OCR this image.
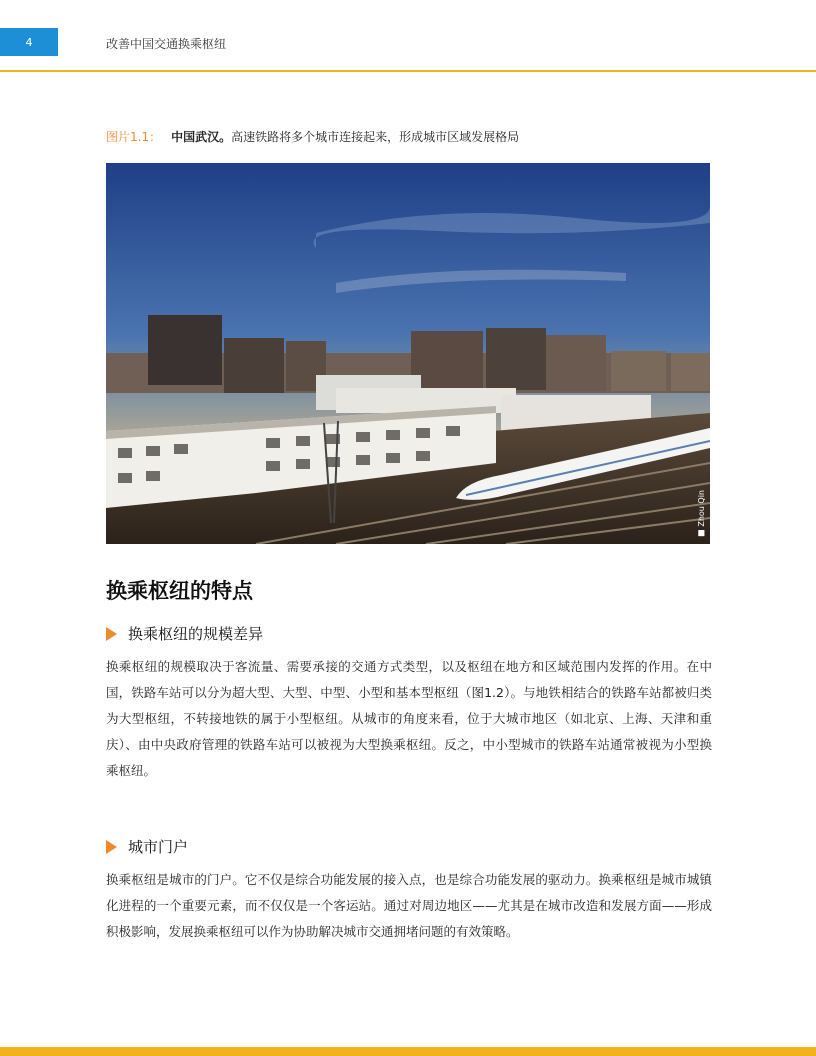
4	改善中国交通换乘枢纽
图片1.1： 中国武汉。高速铁路将多个城市连接起来，形成城市区域发展格局
■ Zhou Qin
换乘枢纽的特点
换乘枢纽的规模差异

换乘枢纽的规模取决于客流量、需要承接的交通方式类型，以及枢纽在地方和区域范围内发挥的作用。在中国，铁路车站可以分为超大型、大型、中型、小型和基本型枢纽（图1.2）。与地铁相结合的铁路车站都被归类为大型枢纽，不转接地铁的属于小型枢纽。从城市的角度来看，位于大城市地区（如北京、上海、天津和重庆）、由中央政府管理的铁路车站可以被视为大型换乘枢纽。反之，中小型城市的铁路车站通常被视为小型换乘枢纽。

城市门户

换乘枢纽是城市的门户。它不仅是综合功能发展的接入点，也是综合功能发展的驱动力。换乘枢纽是城市城镇化进程的一个重要元素，而不仅仅是一个客运站。通过对周边地区——尤其是在城市改造和发展方面——形成积极影响，发展换乘枢纽可以作为协助解决城市交通拥堵问题的有效策略。
